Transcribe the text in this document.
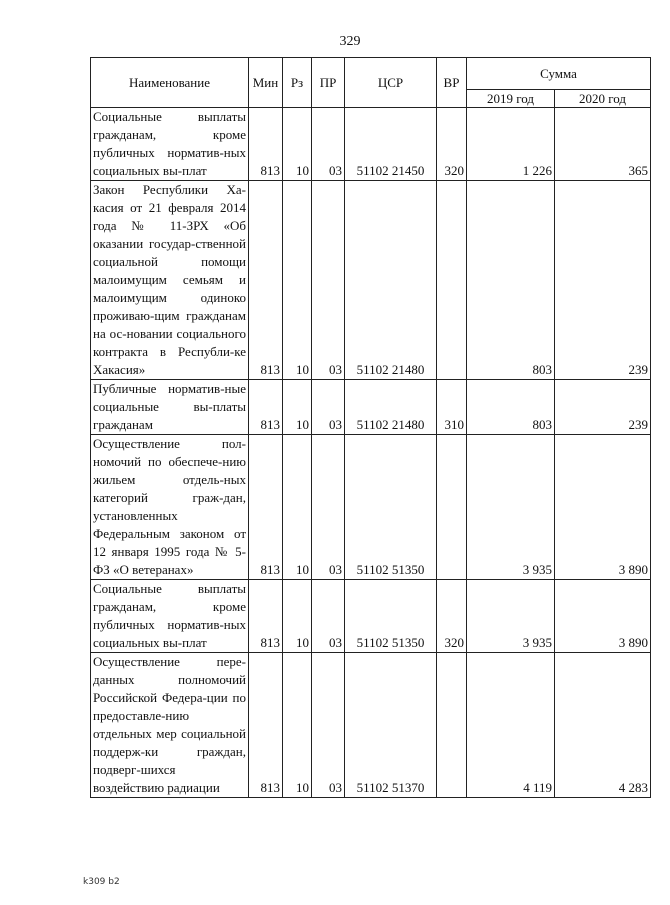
329
Наименование	Мин	Рз	ПР	ЦСР	ВР	Сумма	
						2019 год	2020 год
Социальные выплаты гражданам, кроме публичных норматив-ных социальных вы-плат	813	10	03	51102 21450	320	1 226	365
Закон Республики Ха-касия от 21 февраля 2014 года № 11-ЗРХ «Об оказании государ-ственной социальной помощи малоимущим семьям и малоимущим одиноко проживаю-щим гражданам на ос-новании социального контракта в Республи-ке Хакасия»	813	10	03	51102 21480		803	239
Публичные норматив-ные социальные вы-платы гражданам	813	10	03	51102 21480	310	803	239
Осуществление пол-номочий по обеспече-нию жильем отдель-ных категорий граж-дан, установленных Федеральным законом от 12 января 1995 года № 5-ФЗ «О ветеранах»	813	10	03	51102 51350		3 935	3 890
Социальные выплаты гражданам, кроме публичных норматив-ных социальных вы-плат	813	10	03	51102 51350	320	3 935	3 890
Осуществление пере-данных полномочий Российской Федера-ции по предоставле-нию отдельных мер социальной поддерж-ки граждан, подверг-шихся воздействию радиации	813	10	03	51102 51370		4 119	4 283
k309 b2
